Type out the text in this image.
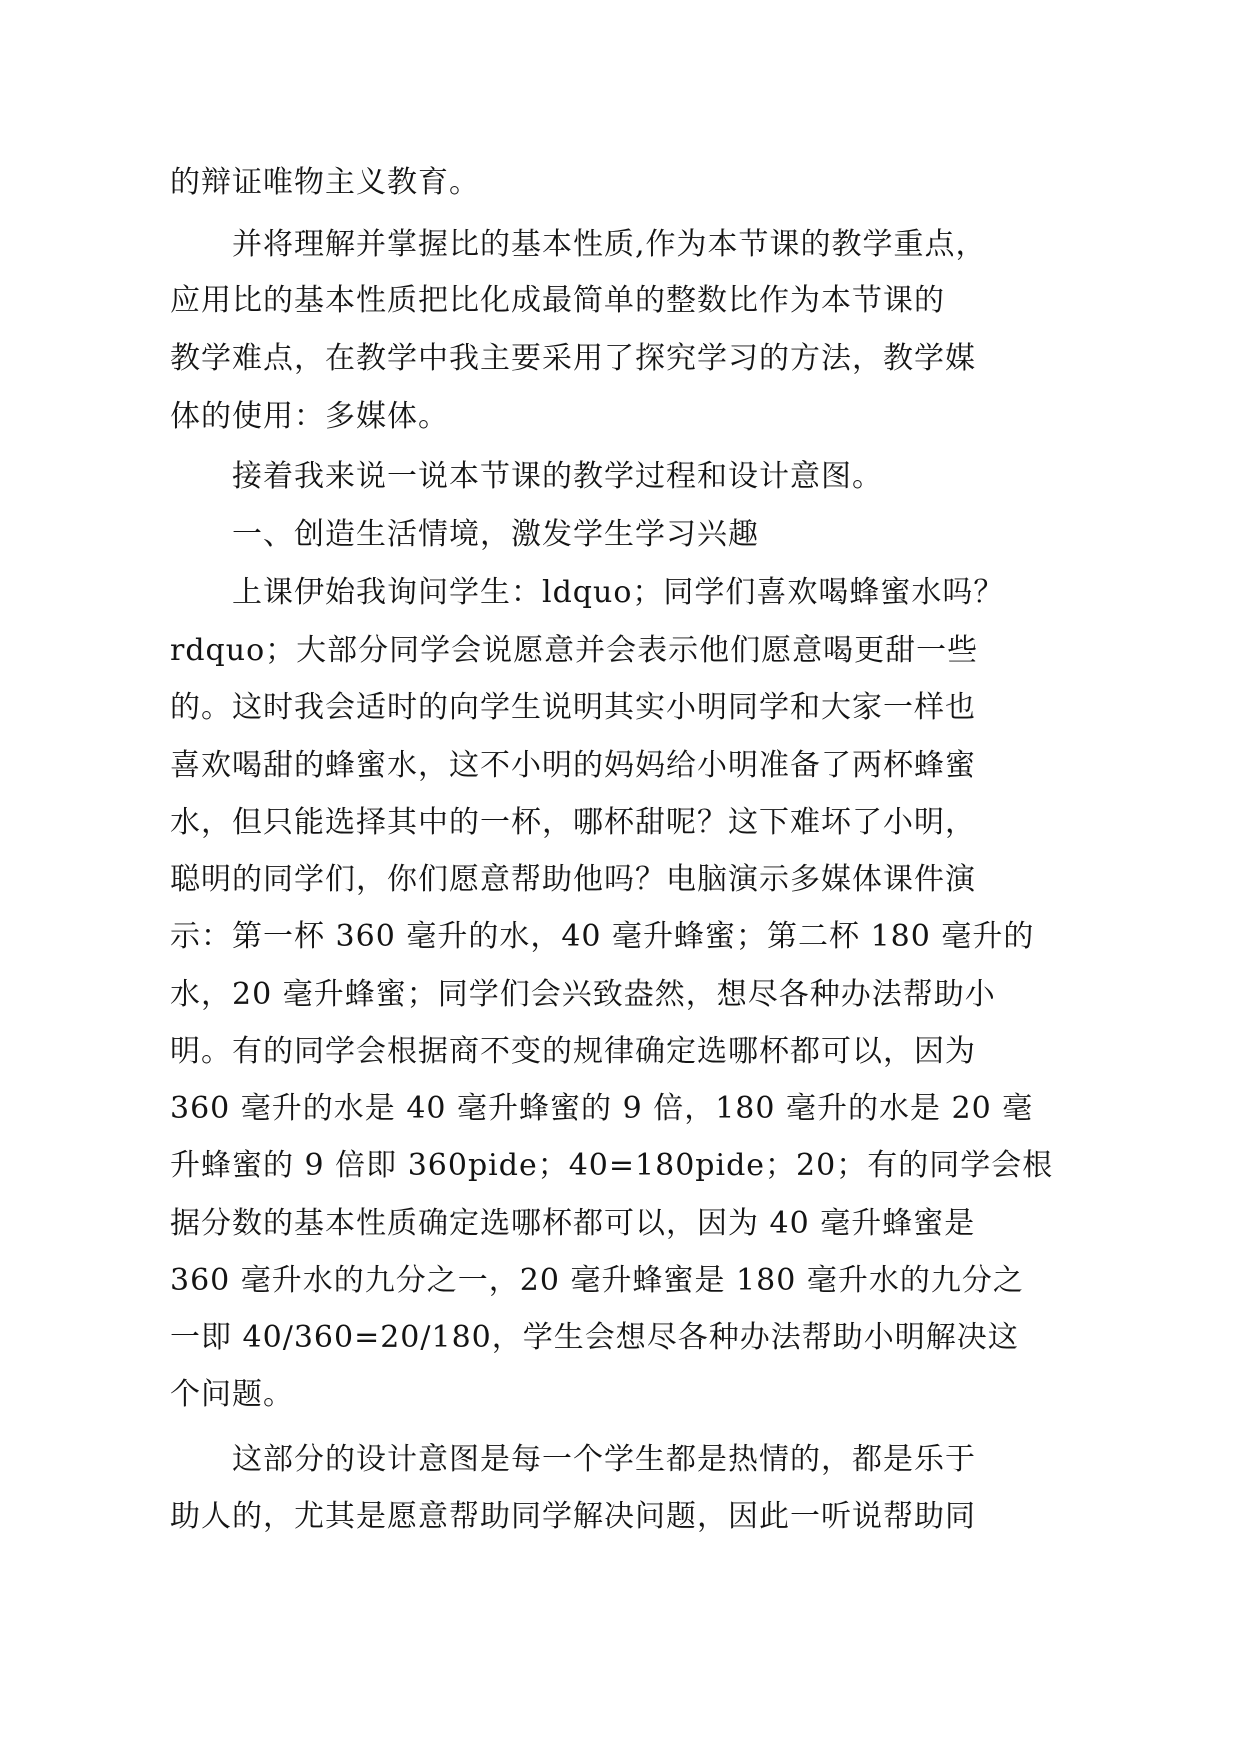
的辩证唯物主义教育。
并将理解并掌握比的基本性质,作为本节课的教学重点，
应用比的基本性质把比化成最简单的整数比作为本节课的
教学难点，在教学中我主要采用了探究学习的方法，教学媒
体的使用：多媒体。
接着我来说一说本节课的教学过程和设计意图。
一、创造生活情境，激发学生学习兴趣
上课伊始我询问学生：ldquo；同学们喜欢喝蜂蜜水吗？
rdquo；大部分同学会说愿意并会表示他们愿意喝更甜一些
的。这时我会适时的向学生说明其实小明同学和大家一样也
喜欢喝甜的蜂蜜水，这不小明的妈妈给小明准备了两杯蜂蜜
水，但只能选择其中的一杯，哪杯甜呢？这下难坏了小明，
聪明的同学们，你们愿意帮助他吗？电脑演示多媒体课件演
示：第一杯 360 毫升的水，40 毫升蜂蜜；第二杯 180 毫升的
水，20 毫升蜂蜜；同学们会兴致盎然，想尽各种办法帮助小
明。有的同学会根据商不变的规律确定选哪杯都可以，因为
360 毫升的水是 40 毫升蜂蜜的 9 倍，180 毫升的水是 20 毫
升蜂蜜的 9 倍即 360pide；40=180pide；20；有的同学会根
据分数的基本性质确定选哪杯都可以，因为 40 毫升蜂蜜是
360 毫升水的九分之一，20 毫升蜂蜜是 180 毫升水的九分之
一即 40/360=20/180，学生会想尽各种办法帮助小明解决这
个问题。
这部分的设计意图是每一个学生都是热情的，都是乐于
助人的，尤其是愿意帮助同学解决问题，因此一听说帮助同
